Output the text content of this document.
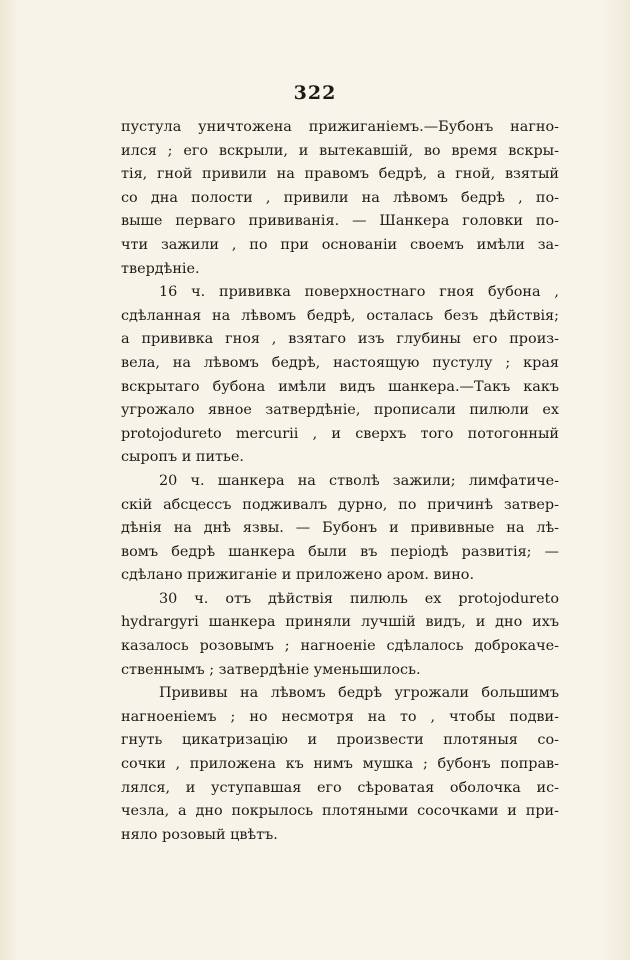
322
пустула уничтожена прижиганіемъ.—Бубонъ нагно-
ился ; его вскрыли, и вытекавшій, во время вскры-
тія, гной привили на правомъ бедрѣ, а гной, взятый
со дна полости , привили на лѣвомъ бедрѣ , по-
выше перваго прививанія. — Шанкера головки по-
чти зажили , по при основаніи своемъ имѣли за-
твердѣніе.
16 ч. прививка поверхностнаго гноя бубона ,
сдѣланная на лѣвомъ бедрѣ, осталась безъ дѣйствія;
а прививка гноя , взятаго изъ глубины его произ-
вела, на лѣвомъ бедрѣ, настоящую пустулу ; края
вскрытаго бубона имѣли видъ шанкера.—Такъ какъ
угрожало явное затвердѣніе, прописали пилюли ex
protojodureto mercurii , и сверхъ того потогонный
сыропъ и питье.
20 ч. шанкера на стволѣ зажили; лимфатиче-
скій абсцессъ подживалъ дурно, по причинѣ затвер-
дѣнія на днѣ язвы. — Бубонъ и прививные на лѣ-
вомъ бедрѣ шанкера были въ періодѣ развитія; —
сдѣлано прижиганіе и приложено аром. вино.
30 ч. отъ дѣйствія пилюль ex protojodureto
hydrargyri шанкера приняли лучшій видъ, и дно ихъ
казалось розовымъ ; нагноеніе сдѣлалось доброкаче-
ственнымъ ; затвердѣніе уменьшилось.
Прививы на лѣвомъ бедрѣ угрожали большимъ
нагноеніемъ ; но несмотря на то , чтобы подви-
гнуть цикатризацію и произвести плотяныя со-
сочки , приложена къ нимъ мушка ; бубонъ поправ-
лялся, и уступавшая его сѣроватая оболочка ис-
чезла, а дно покрылось плотяными сосочками и при-
няло розовый цвѣтъ.
